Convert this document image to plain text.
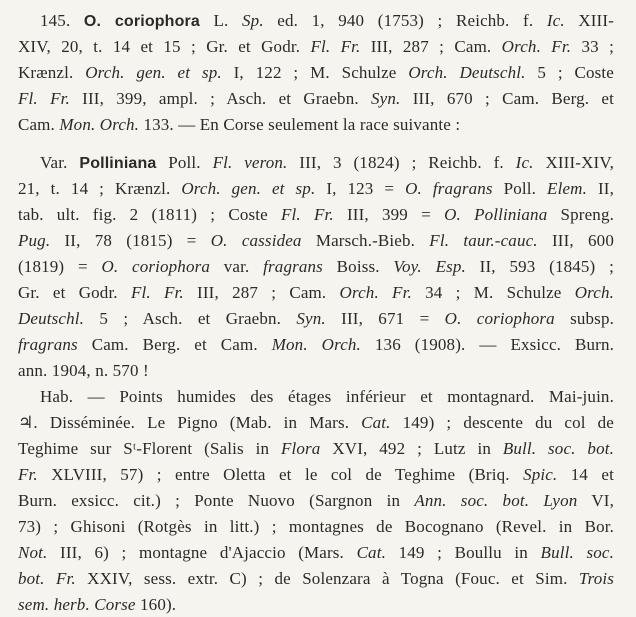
145. O. coriophora L. Sp. ed. 1, 940 (1753) ; Reichb. f. Ic. XIII-
XIV, 20, t. 14 et 15 ; Gr. et Godr. Fl. Fr. III, 287 ; Cam. Orch. Fr. 33 ;
Krænzl. Orch. gen. et sp. I, 122 ; M. Schulze Orch. Deutschl. 5 ; Coste
Fl. Fr. III, 399, ampl. ; Asch. et Graebn. Syn. III, 670 ; Cam. Berg. et
Cam. Mon. Orch. 133. — En Corse seulement la race suivante :
Var. Polliniana Poll. Fl. veron. III, 3 (1824) ; Reichb. f. Ic. XIII-XIV,
21, t. 14 ; Krænzl. Orch. gen. et sp. I, 123 = O. fragrans Poll. Elem. II,
tab. ult. fig. 2 (1811) ; Coste Fl. Fr. III, 399 = O. Polliniana Spreng.
Pug. II, 78 (1815) = O. cassidea Marsch.-Bieb. Fl. taur.-cauc. III, 600
(1819) = O. coriophora var. fragrans Boiss. Voy. Esp. II, 593 (1845) ;
Gr. et Godr. Fl. Fr. III, 287 ; Cam. Orch. Fr. 34 ; M. Schulze Orch.
Deutschl. 5 ; Asch. et Graebn. Syn. III, 671 = O. coriophora subsp.
fragrans Cam. Berg. et Cam. Mon. Orch. 136 (1908). — Exsicc. Burn.
ann. 1904, n. 570 !
Hab. — Points humides des étages inférieur et montagnard. Mai-juin.
♃. Disséminée. Le Pigno (Mab. in Mars. Cat. 149) ; descente du col de
Teghime sur Sᵗ-Florent (Salis in Flora XVI, 492 ; Lutz in Bull. soc. bot.
Fr. XLVIII, 57) ; entre Oletta et le col de Teghime (Briq. Spic. 14 et
Burn. exsicc. cit.) ; Ponte Nuovo (Sargnon in Ann. soc. bot. Lyon VI,
73) ; Ghisoni (Rotgès in litt.) ; montagnes de Bocognano (Revel. in Bor.
Not. III, 6) ; montagne d'Ajaccio (Mars. Cat. 149 ; Boullu in Bull. soc.
bot. Fr. XXIV, sess. extr. C) ; de Solenzara à Togna (Fouc. et Sim. Trois
sem. herb. Corse 160).
